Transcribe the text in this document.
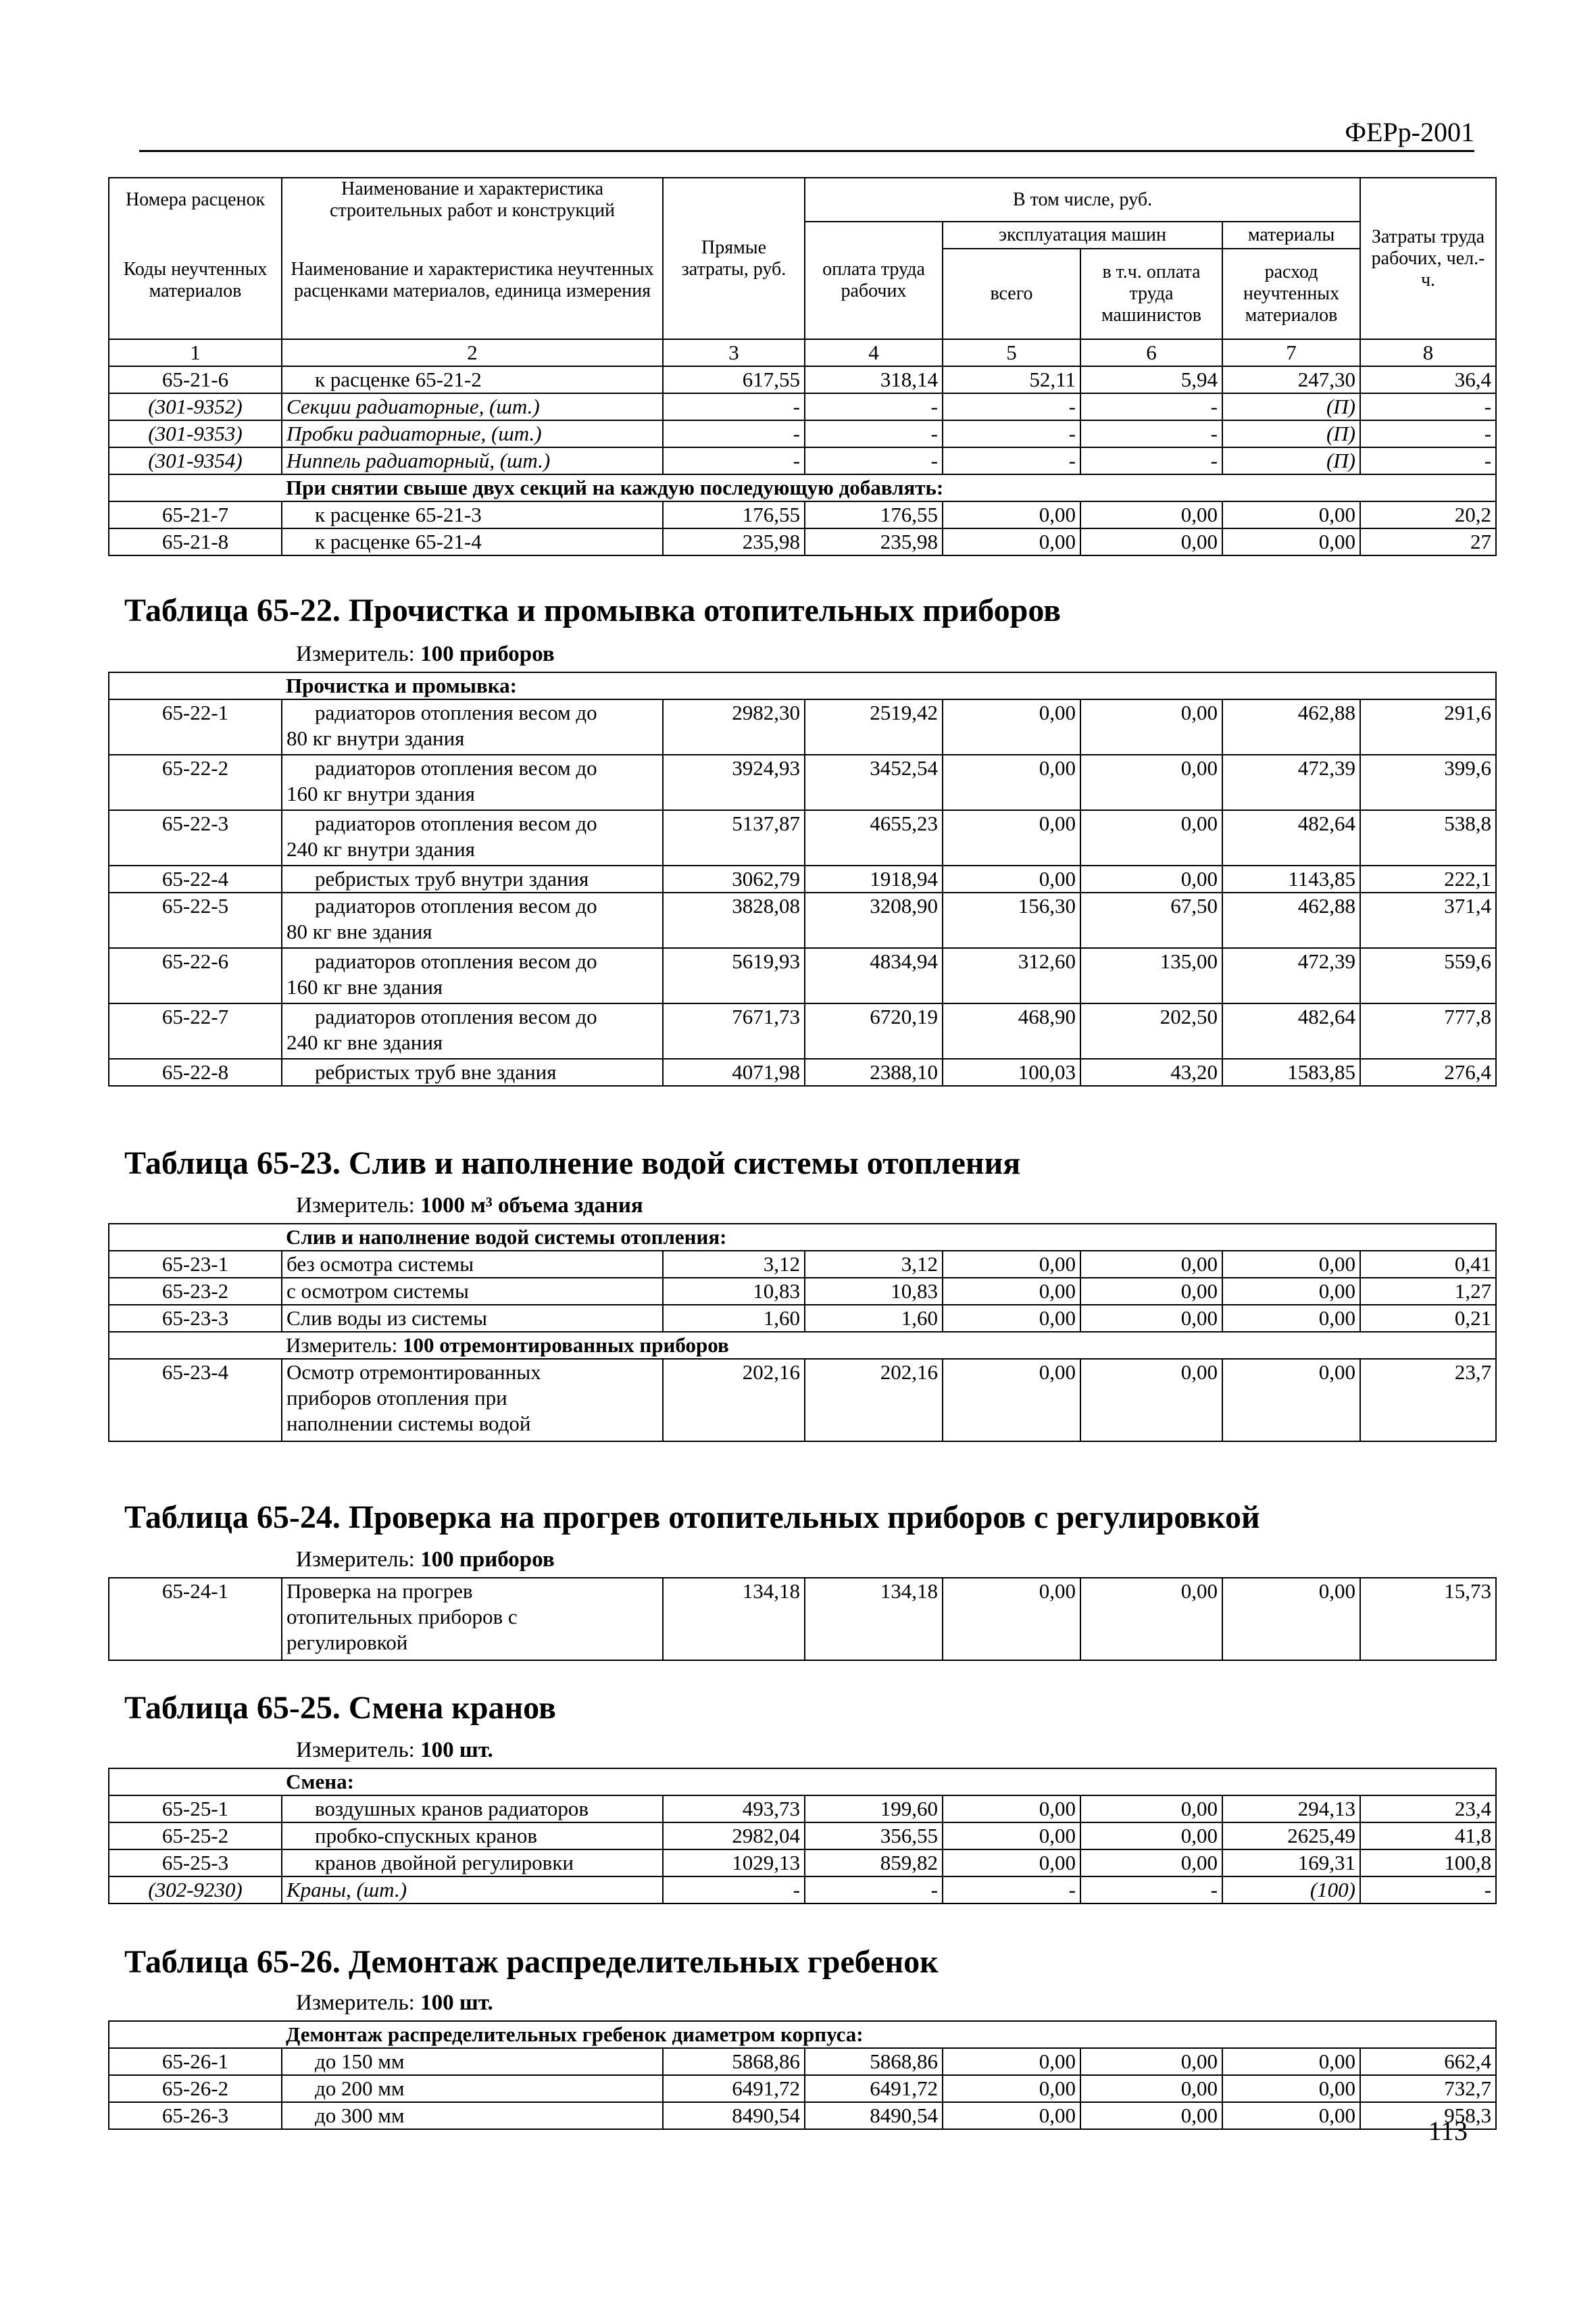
ФЕРр-2001
Номера расценок	Наименование и характеристика строительных работ и конструкций	Прямые затраты, руб.	В том числе, руб.				Затраты труда рабочих, чел.-ч.
Коды неучтенных материалов	Наименование и характеристика неучтенных расценками материалов, единица измерения		оплата труда рабочих	эксплуатация машин		материалы	
				всего	в т.ч. оплата труда машинистов	расход неучтенных материалов	
1	2	3	4	5	6	7	8
65-21-6	к расценке 65-21-2	617,55	318,14	52,11	5,94	247,30	36,4
(301-9352)	Секции радиаторные, (шт.)	-	-	-	-	(П)	-
(301-9353)	Пробки радиаторные, (шт.)	-	-	-	-	(П)	-
(301-9354)	Ниппель радиаторный, (шт.)	-	-	-	-	(П)	-
	При снятии свыше двух секций на каждую последующую добавлять:						
65-21-7	к расценке 65-21-3	176,55	176,55	0,00	0,00	0,00	20,2
65-21-8	к расценке 65-21-4	235,98	235,98	0,00	0,00	0,00	27
Таблица 65-22. Прочистка и промывка отопительных приборов
Измеритель: 100 приборов
	Прочистка и промывка:						
65-22-1	радиаторов отопления весом до
80 кг внутри здания	2982,30	2519,42	0,00	0,00	462,88	291,6
65-22-2	радиаторов отопления весом до
160 кг внутри здания	3924,93	3452,54	0,00	0,00	472,39	399,6
65-22-3	радиаторов отопления весом до
240 кг внутри здания	5137,87	4655,23	0,00	0,00	482,64	538,8
65-22-4	ребристых труб внутри здания	3062,79	1918,94	0,00	0,00	1143,85	222,1
65-22-5	радиаторов отопления весом до
80 кг вне здания	3828,08	3208,90	156,30	67,50	462,88	371,4
65-22-6	радиаторов отопления весом до
160 кг вне здания	5619,93	4834,94	312,60	135,00	472,39	559,6
65-22-7	радиаторов отопления весом до
240 кг вне здания	7671,73	6720,19	468,90	202,50	482,64	777,8
65-22-8	ребристых труб вне здания	4071,98	2388,10	100,03	43,20	1583,85	276,4
Таблица 65-23. Слив и наполнение водой системы отопления
Измеритель: 1000 м³ объема здания
	Слив и наполнение водой системы отопления:						
65-23-1	без осмотра системы	3,12	3,12	0,00	0,00	0,00	0,41
65-23-2	с осмотром системы	10,83	10,83	0,00	0,00	0,00	1,27
65-23-3	Слив воды из системы	1,60	1,60	0,00	0,00	0,00	0,21
	Измеритель: 100 отремонтированных приборов						
65-23-4	Осмотр отремонтированных
приборов отопления при
наполнении системы водой	202,16	202,16	0,00	0,00	0,00	23,7
Таблица 65-24. Проверка на прогрев отопительных приборов с регулировкой
Измеритель: 100 приборов
65-24-1	Проверка на прогрев
отопительных приборов с
регулировкой
	134,18	134,18	0,00	0,00	0,00	15,73
Таблица 65-25. Смена кранов
Измеритель: 100 шт.
	Смена:						
65-25-1	воздушных кранов радиаторов	493,73	199,60	0,00	0,00	294,13	23,4
65-25-2	пробко-спускных кранов	2982,04	356,55	0,00	0,00	2625,49	41,8
65-25-3	кранов двойной регулировки	1029,13	859,82	0,00	0,00	169,31	100,8
(302-9230)	Краны, (шт.)	-	-	-	-	(100)	-
Таблица 65-26. Демонтаж распределительных гребенок
Измеритель: 100 шт.
	Демонтаж распределительных гребенок диаметром корпуса:						
65-26-1	до 150 мм	5868,86	5868,86	0,00	0,00	0,00	662,4
65-26-2	до 200 мм	6491,72	6491,72	0,00	0,00	0,00	732,7
65-26-3	до 300 мм	8490,54	8490,54	0,00	0,00	0,00	958,3
113
